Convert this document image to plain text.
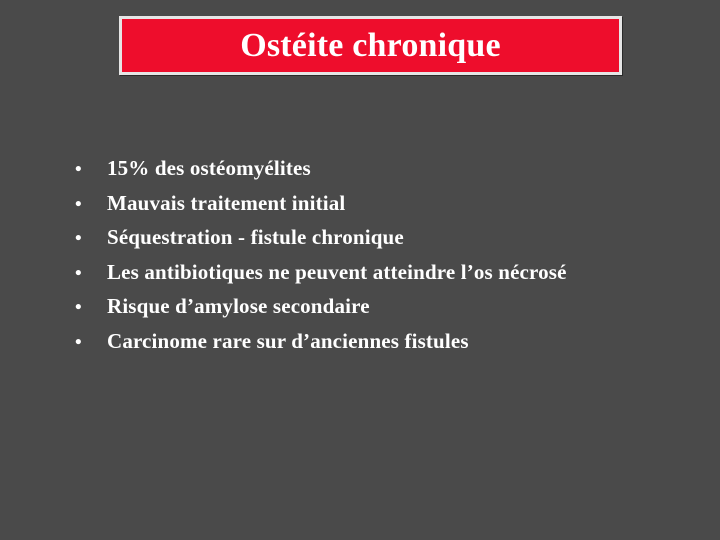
Ostéite chronique
•	15% des ostéomyélites
•	Mauvais traitement initial
•	Séquestration - fistule chronique
•	Les antibiotiques ne peuvent atteindre l’os nécrosé
•	Risque d’amylose secondaire
•	Carcinome rare sur d’anciennes fistules
